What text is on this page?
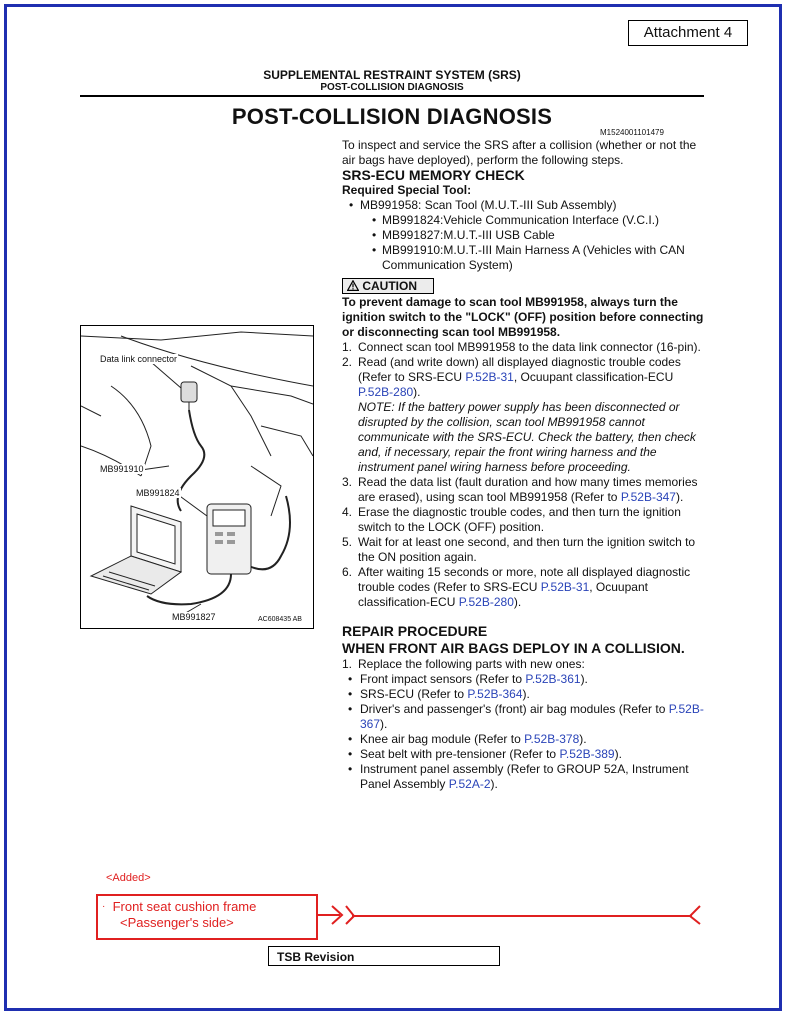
Attachment 4
SUPPLEMENTAL RESTRAINT SYSTEM (SRS)
POST-COLLISION DIAGNOSIS
POST-COLLISION DIAGNOSIS
M1524001101479

To inspect and service the SRS after a collision (whether or not the air bags have deployed), perform the following steps.

SRS-ECU MEMORY CHECK

Required Special Tool:

• MB991958: Scan Tool (M.U.T.-III Sub Assembly)

• MB991824:Vehicle Communication Interface (V.C.I.)

• MB991827:M.U.T.-III USB Cable

• MB991910:M.U.T.-III Main Harness A (Vehicles with CAN Communication System)

CAUTION

To prevent damage to scan tool MB991958, always turn the ignition switch to the "LOCK" (OFF) position before connecting or disconnecting scan tool MB991958.

1. Connect scan tool MB991958 to the data link connector (16-pin).

2. Read (and write down) all displayed diagnostic trouble codes (Refer to SRS-ECU P.52B-31, Ocuupant classification-ECU P.52B-280).

NOTE: If the battery power supply has been disconnected or disrupted by the collision, scan tool MB991958 cannot communicate with the SRS-ECU. Check the battery, then check and, if necessary, repair the front wiring harness and the instrument panel wiring harness before proceeding.

3. Read the data list (fault duration and how many times memories are erased), using scan tool MB991958 (Refer to P.52B-347).

4. Erase the diagnostic trouble codes, and then turn the ignition switch to the LOCK (OFF) position.

5. Wait for at least one second, and then turn the ignition switch to the ON position again.

6. After waiting 15 seconds or more, note all displayed diagnostic trouble codes (Refer to SRS-ECU P.52B-31, Ocuupant classification-ECU P.52B-280).

REPAIR PROCEDURE

WHEN FRONT AIR BAGS DEPLOY IN A COLLISION.

1. Replace the following parts with new ones:

• Front impact sensors (Refer to P.52B-361).

• SRS-ECU (Refer to P.52B-364).

• Driver's and passenger's (front) air bag modules (Refer to P.52B-367).

• Knee air bag module (Refer to P.52B-378).

• Seat belt with pre-tensioner (Refer to P.52B-389).

• Instrument panel assembly (Refer to GROUP 52A, Instrument Panel Assembly P.52A-2).

Data link connector
MB991910
MB991824
MB991827	AC608435 AB
<Added>
· Front seat cushion frame
<Passenger's side>
TSB Revision
